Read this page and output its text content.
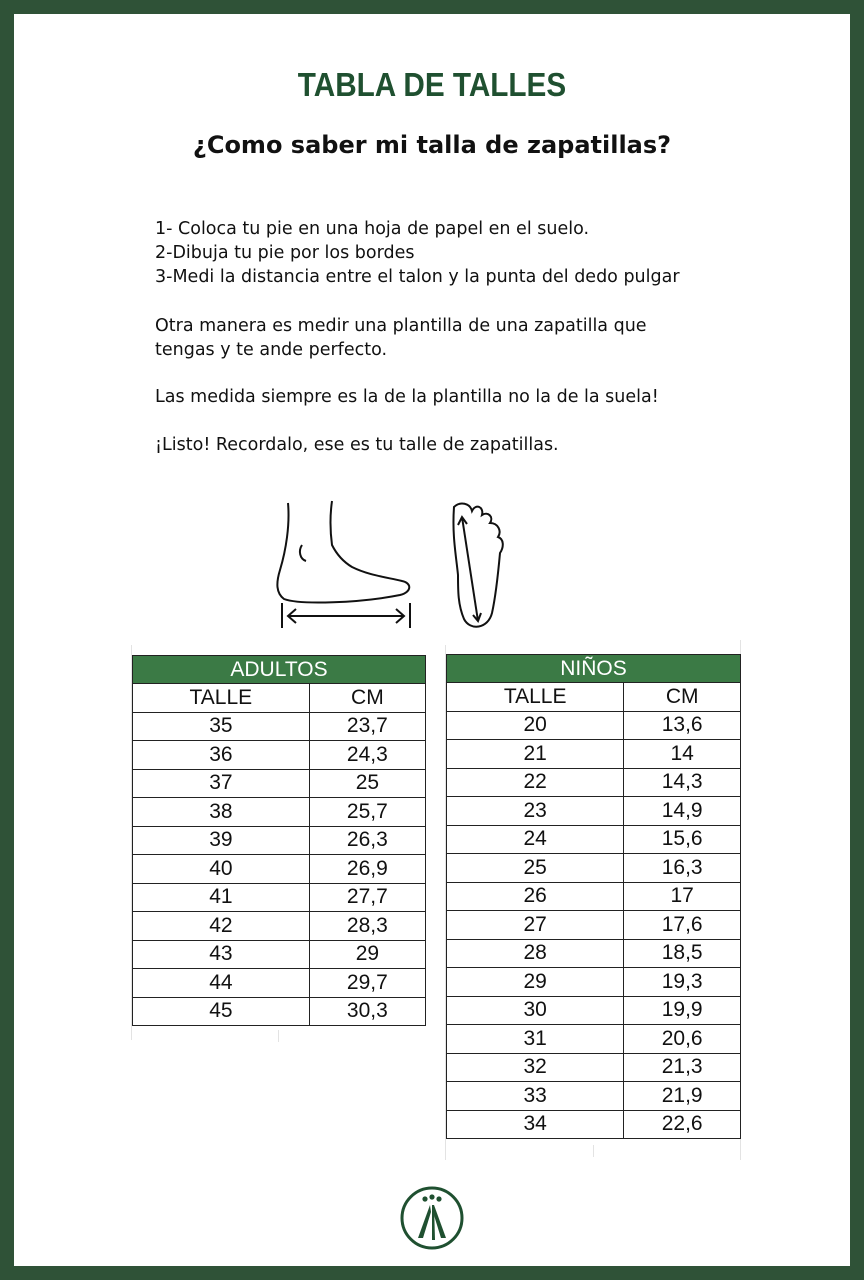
TABLA DE TALLES
¿Como saber mi talla de zapatillas?
1- Coloca tu pie en una hoja de papel en el suelo.
2-Dibuja tu pie por los bordes
3-Medi la distancia entre el talon y la punta del dedo pulgar
Otra manera es medir una plantilla de una zapatilla que
tengas y te ande perfecto.
Las medida siempre es la de la plantilla no la de la suela!
¡Listo! Recordalo, ese es tu talle de zapatillas.
ADULTOS	
TALLE	CM
35	23,7
36	24,3
37	25
38	25,7
39	26,3
40	26,9
41	27,7
42	28,3
43	29
44	29,7
45	30,3
NIÑOS	
TALLE	CM
20	13,6
21	14
22	14,3
23	14,9
24	15,6
25	16,3
26	17
27	17,6
28	18,5
29	19,3
30	19,9
31	20,6
32	21,3
33	21,9
34	22,6
